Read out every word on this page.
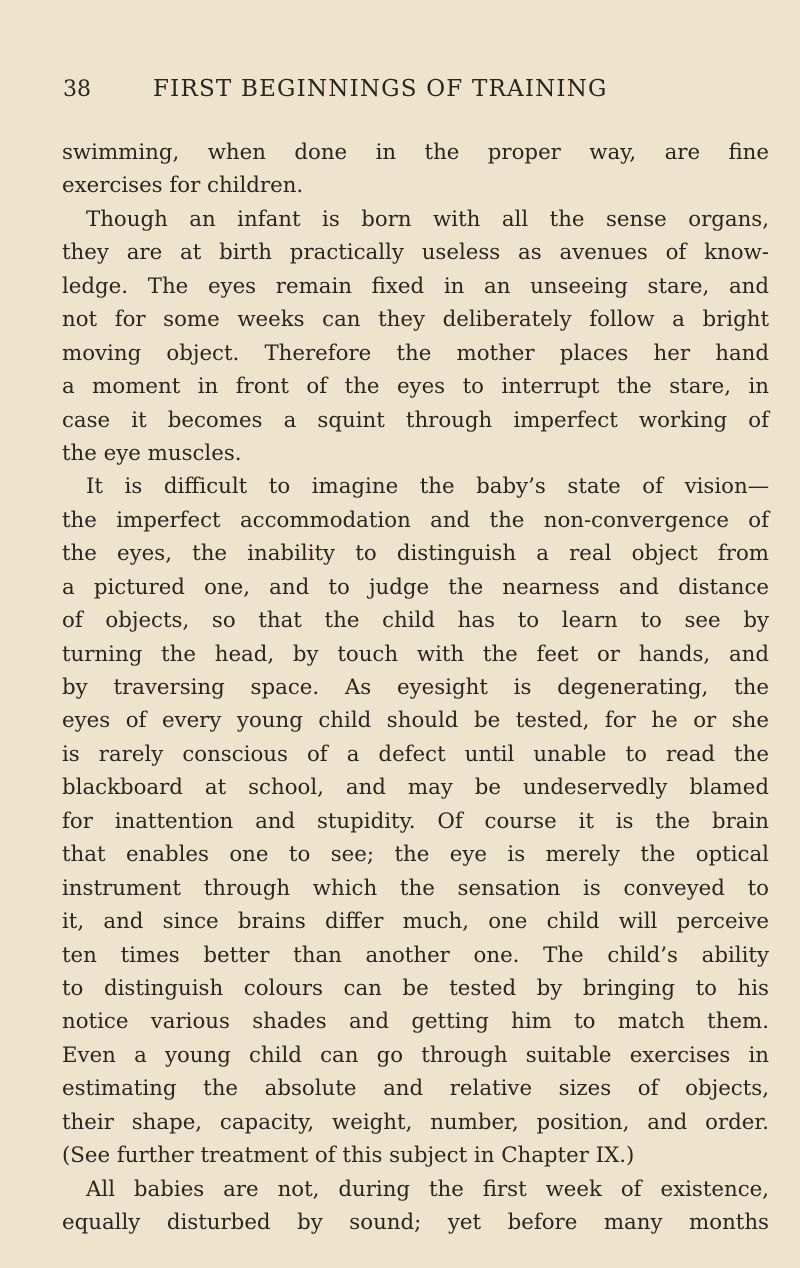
38	FIRST BEGINNINGS OF TRAINING
swimming, when done in the proper way, are fine
exercises for children.
Though an infant is born with all the sense organs,
they are at birth practically useless as avenues of know-
ledge. The eyes remain fixed in an unseeing stare, and
not for some weeks can they deliberately follow a bright
moving object. Therefore the mother places her hand
a moment in front of the eyes to interrupt the stare, in
case it becomes a squint through imperfect working of
the eye muscles.
It is difficult to imagine the baby’s state of vision—
the imperfect accommodation and the non-convergence of
the eyes, the inability to distinguish a real object from
a pictured one, and to judge the nearness and distance
of objects, so that the child has to learn to see by
turning the head, by touch with the feet or hands, and
by traversing space. As eyesight is degenerating, the
eyes of every young child should be tested, for he or she
is rarely conscious of a defect until unable to read the
blackboard at school, and may be undeservedly blamed
for inattention and stupidity. Of course it is the brain
that enables one to see; the eye is merely the optical
instrument through which the sensation is conveyed to
it, and since brains differ much, one child will perceive
ten times better than another one. The child’s ability
to distinguish colours can be tested by bringing to his
notice various shades and getting him to match them.
Even a young child can go through suitable exercises in
estimating the absolute and relative sizes of objects,
their shape, capacity, weight, number, position, and order.
(See further treatment of this subject in Chapter IX.)
All babies are not, during the first week of existence,
equally disturbed by sound; yet before many months
